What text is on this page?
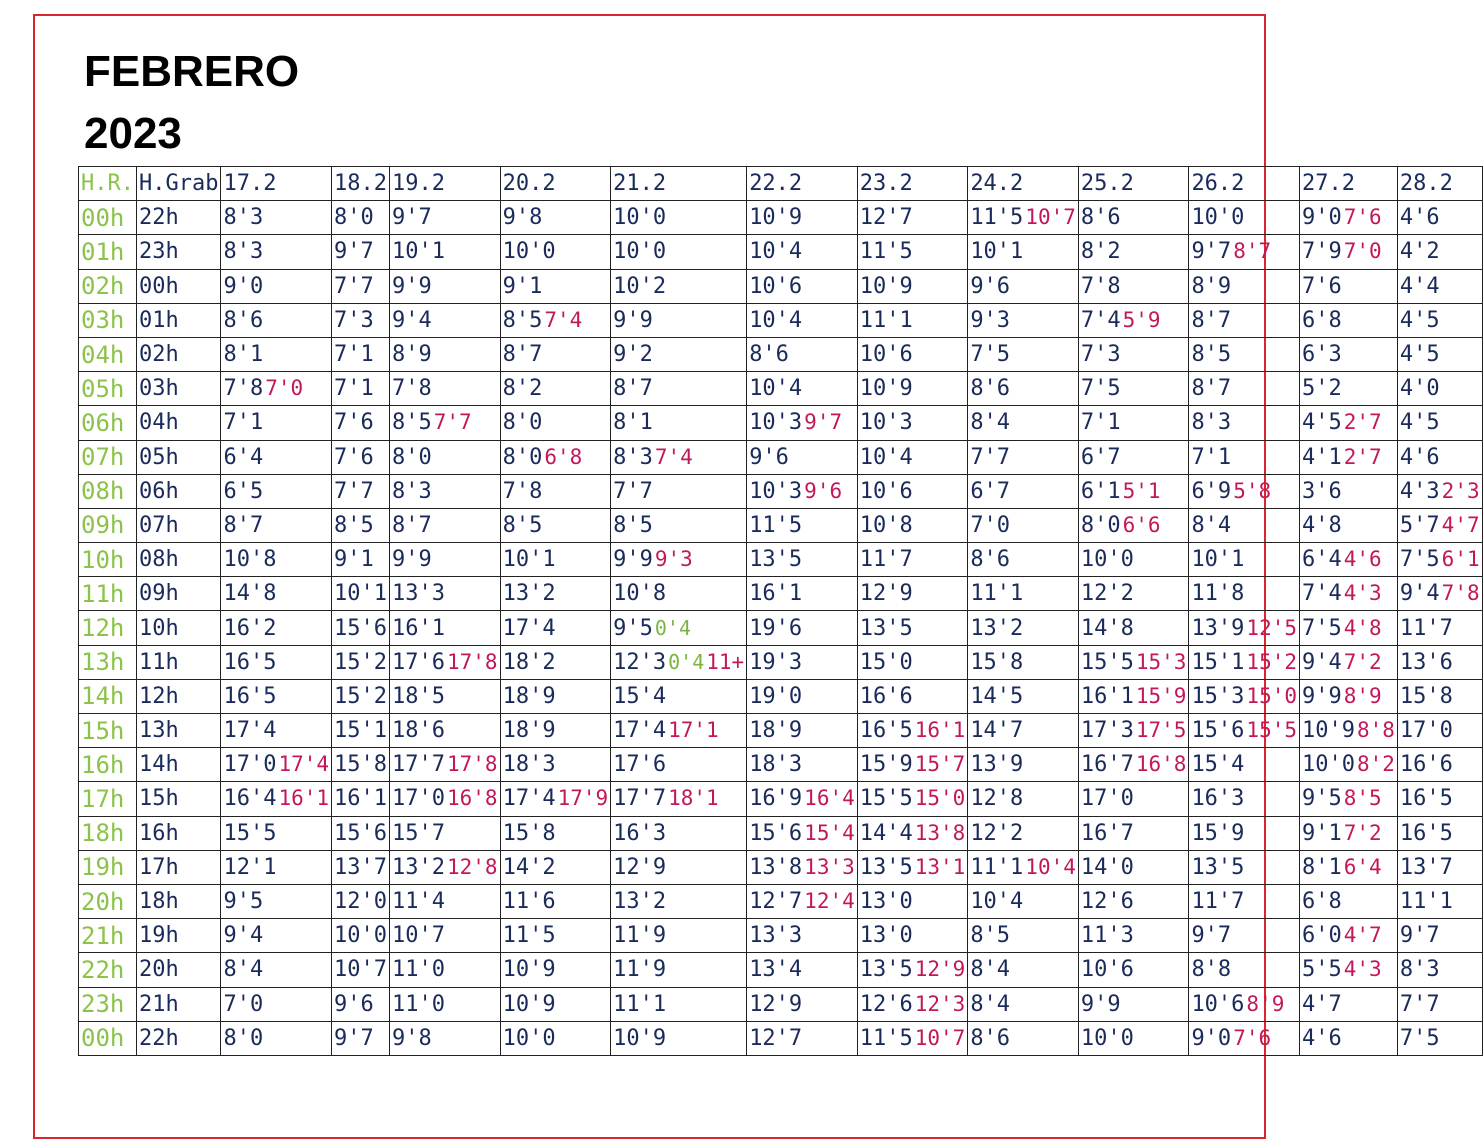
FEBRERO
2023
H.R.	H.Grab	17.2	18.2	19.2	20.2	21.2	22.2	23.2	24.2	25.2	26.2	27.2	28.2
00h	22h	8'3	8'0	9'7	9'8	10'0	10'9	12'7	11'510'7	8'6	10'0	9'07'6	4'6
01h	23h	8'3	9'7	10'1	10'0	10'0	10'4	11'5	10'1	8'2	9'78'7	7'97'0	4'2
02h	00h	9'0	7'7	9'9	9'1	10'2	10'6	10'9	9'6	7'8	8'9	7'6	4'4
03h	01h	8'6	7'3	9'4	8'57'4	9'9	10'4	11'1	9'3	7'45'9	8'7	6'8	4'5
04h	02h	8'1	7'1	8'9	8'7	9'2	8'6	10'6	7'5	7'3	8'5	6'3	4'5
05h	03h	7'87'0	7'1	7'8	8'2	8'7	10'4	10'9	8'6	7'5	8'7	5'2	4'0
06h	04h	7'1	7'6	8'57'7	8'0	8'1	10'39'7	10'3	8'4	7'1	8'3	4'52'7	4'5
07h	05h	6'4	7'6	8'0	8'06'8	8'37'4	9'6	10'4	7'7	6'7	7'1	4'12'7	4'6
08h	06h	6'5	7'7	8'3	7'8	7'7	10'39'6	10'6	6'7	6'15'1	6'95'8	3'6	4'32'3
09h	07h	8'7	8'5	8'7	8'5	8'5	11'5	10'8	7'0	8'06'6	8'4	4'8	5'74'7
10h	08h	10'8	9'1	9'9	10'1	9'99'3	13'5	11'7	8'6	10'0	10'1	6'44'6	7'56'1
11h	09h	14'8	10'1	13'3	13'2	10'8	16'1	12'9	11'1	12'2	11'8	7'44'3	9'47'8
12h	10h	16'2	15'6	16'1	17'4	9'5 0'4	19'6	13'5	13'2	14'8	13'912'5	7'54'8	11'7
13h	11h	16'5	15'2	17'617'8	18'2	12'3 0'411+	19'3	15'0	15'8	15'515'3	15'115'2	9'47'2	13'6
14h	12h	16'5	15'2	18'5	18'9	15'4	19'0	16'6	14'5	16'115'9	15'315'0	9'98'9	15'8
15h	13h	17'4	15'1	18'6	18'9	17'417'1	18'9	16'516'1	14'7	17'317'5	15'615'5	10'98'8	17'0
16h	14h	17'017'4	15'8	17'717'8	18'3	17'6	18'3	15'915'7	13'9	16'716'8	15'4	10'08'2	16'6
17h	15h	16'416'1	16'1	17'016'8	17'417'9	17'718'1	16'916'4	15'515'0	12'8	17'0	16'3	9'58'5	16'5
18h	16h	15'5	15'6	15'7	15'8	16'3	15'615'4	14'413'8	12'2	16'7	15'9	9'17'2	16'5
19h	17h	12'1	13'7	13'212'8	14'2	12'9	13'813'3	13'513'1	11'110'4	14'0	13'5	8'16'4	13'7
20h	18h	9'5	12'0	11'4	11'6	13'2	12'712'4	13'0	10'4	12'6	11'7	6'8	11'1
21h	19h	9'4	10'0	10'7	11'5	11'9	13'3	13'0	8'5	11'3	9'7	6'04'7	9'7
22h	20h	8'4	10'7	11'0	10'9	11'9	13'4	13'512'9	8'4	10'6	8'8	5'54'3	8'3
23h	21h	7'0	9'6	11'0	10'9	11'1	12'9	12'612'3	8'4	9'9	10'68'9	4'7	7'7
00h	22h	8'0	9'7	9'8	10'0	10'9	12'7	11'510'7	8'6	10'0	9'07'6	4'6	7'5
